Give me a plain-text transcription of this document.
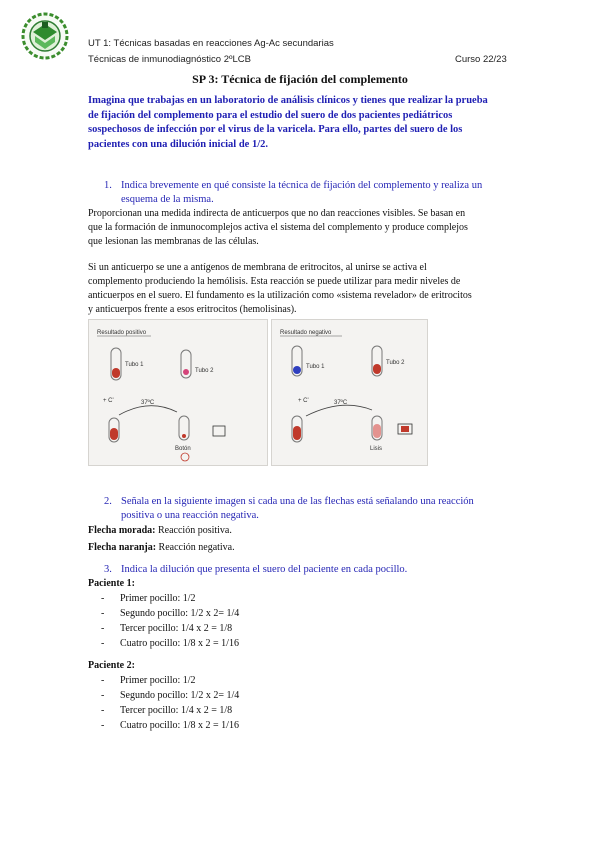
UT 1: Técnicas basadas en reacciones Ag-Ac secundarias
Técnicas de inmunodiagnóstico 2ºLCB	Curso 22/23
SP 3: Técnica de fijación del complemento
Imagina que trabajas en un laboratorio de análisis clínicos y tienes que realizar la prueba
de fijación del complemento para el estudio del suero de dos pacientes pediátricos
sospechosos de infección por el virus de la varicela. Para ello, partes del suero de los
pacientes con una dilución inicial de 1/2.
1. Indica brevemente en qué consiste la técnica de fijación del complemento y realiza un
esquema de la misma.
Proporcionan una medida indirecta de anticuerpos que no dan reacciones visibles. Se basan en
que la formación de inmunocomplejos activa el sistema del complemento y produce complejos
que lesionan las membranas de las células.
Si un anticuerpo se une a antígenos de membrana de eritrocitos, al unirse se activa el
complemento produciendo la hemólisis. Esta reacción se puede utilizar para medir niveles de
anticuerpos en el suero. El fundamento es la utilización como «sistema revelador» de eritrocitos
y anticuerpos frente a esos eritrocitos (hemolisinas).
Resultado positivo
Tubo 1
Tubo 2
+ C'	37ºC
Botón
Resultado negativo
Tubo 1
Tubo 2
+ C'	37ºC
Lisis
2. Señala en la siguiente imagen si cada una de las flechas está señalando una reacción
positiva o una reacción negativa.
Flecha morada: Reacción positiva.
Flecha naranja: Reacción negativa.
3. Indica la dilución que presenta el suero del paciente en cada pocillo.
Paciente 1:
- Primer pocillo: 1/2
- Segundo pocillo: 1/2 x 2= 1/4
- Tercer pocillo: 1/4 x 2 = 1/8
- Cuatro pocillo: 1/8 x 2 = 1/16
Paciente 2:
- Primer pocillo: 1/2
- Segundo pocillo: 1/2 x 2= 1/4
- Tercer pocillo: 1/4 x 2 = 1/8
- Cuatro pocillo: 1/8 x 2 = 1/16
